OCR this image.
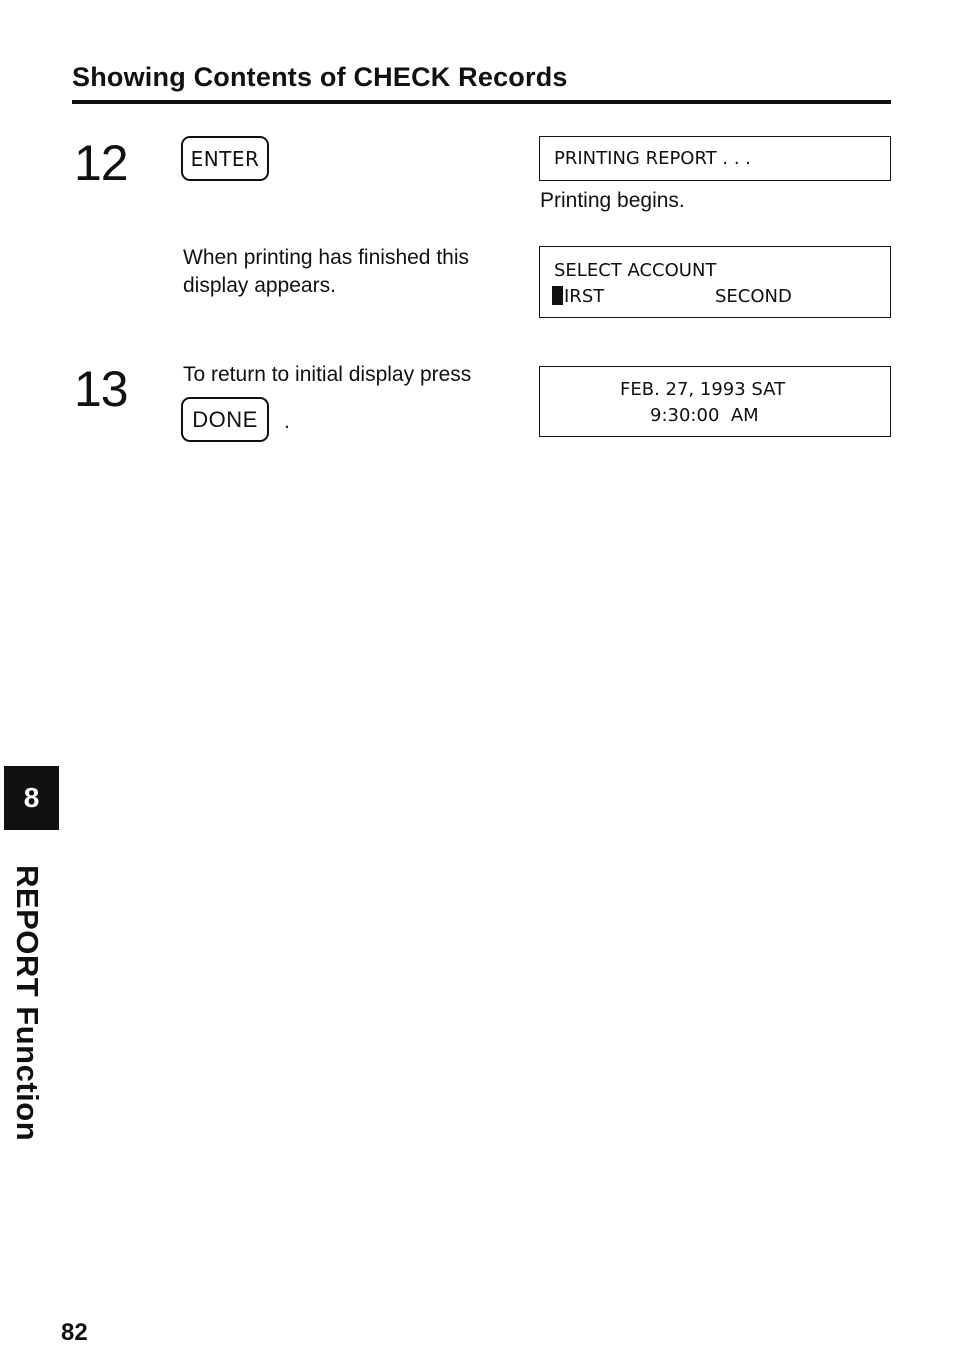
Showing Contents of CHECK Records
12	ENTER

	PRINTING REPORT . . .

Printing begins.
When printing has finished this
display appears.

SELECT ACCOUNT

IRST

	SECOND

13	To return to initial display press
DONE	.

FEB. 27, 1993 SAT

9:30:00  AM

8
REPORT Function
82
